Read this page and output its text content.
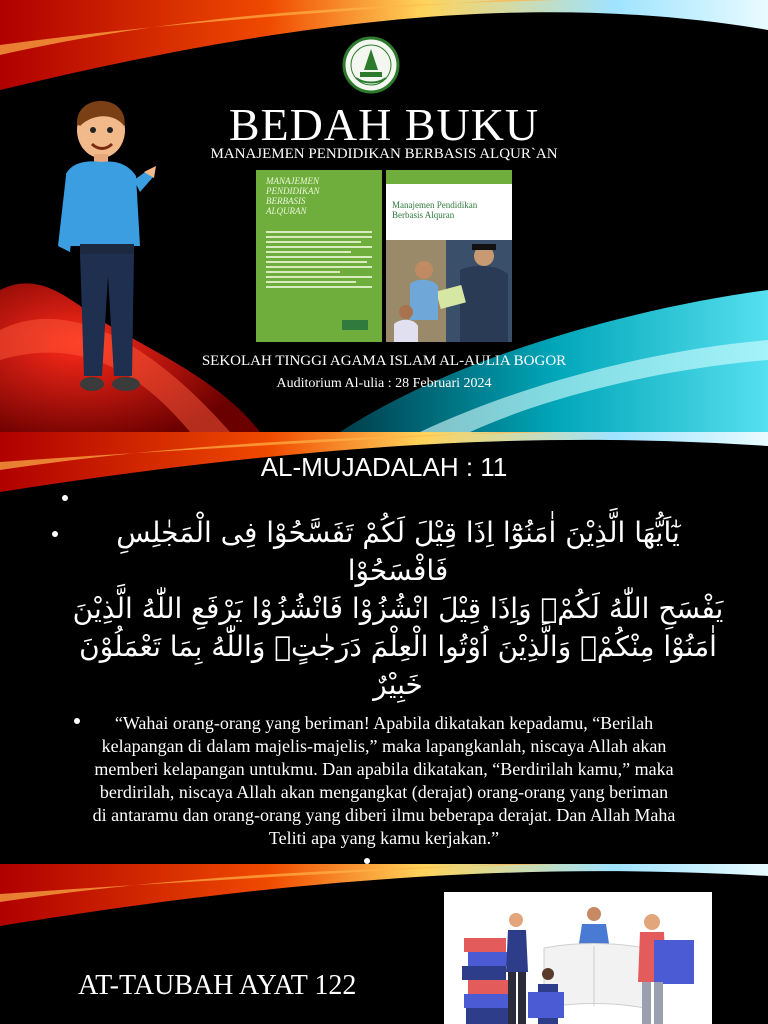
BEDAH BUKU
MANAJEMEN PENDIDIKAN BERBASIS ALQUR`AN
MANAJEMEN
PENDIDIKAN
BERBASIS
ALQURAN
Manajemen Pendidikan
Berbasis Alquran
SEKOLAH TINGGI AGAMA ISLAM AL-AULIA BOGOR
Auditorium Al-ulia : 28 Februari 2024
AL-MUJADALAH : 11
يٰٓاَيُّهَا الَّذِيْنَ اٰمَنُوْٓا اِذَا قِيْلَ لَكُمْ تَفَسَّحُوْا فِى الْمَجٰلِسِ فَافْسَحُوْا
يَفْسَحِ اللّٰهُ لَكُمْۚ وَاِذَا قِيْلَ انْشُزُوْا فَانْشُزُوْا يَرْفَعِ اللّٰهُ الَّذِيْنَ
اٰمَنُوْا مِنْكُمْۙ وَالَّذِيْنَ اُوْتُوا الْعِلْمَ دَرَجٰتٍۗ وَاللّٰهُ بِمَا تَعْمَلُوْنَ
خَبِيْرٌ
“Wahai orang-orang yang beriman! Apabila dikatakan kepadamu, “Berilah
kelapangan di dalam majelis-majelis,” maka lapangkanlah, niscaya Allah akan
memberi kelapangan untukmu. Dan apabila dikatakan, “Berdirilah kamu,” maka
berdirilah, niscaya Allah akan mengangkat (derajat) orang-orang yang beriman
di antaramu dan orang-orang yang diberi ilmu beberapa derajat. Dan Allah Maha
Teliti apa yang kamu kerjakan.”
AT-TAUBAH AYAT 122
